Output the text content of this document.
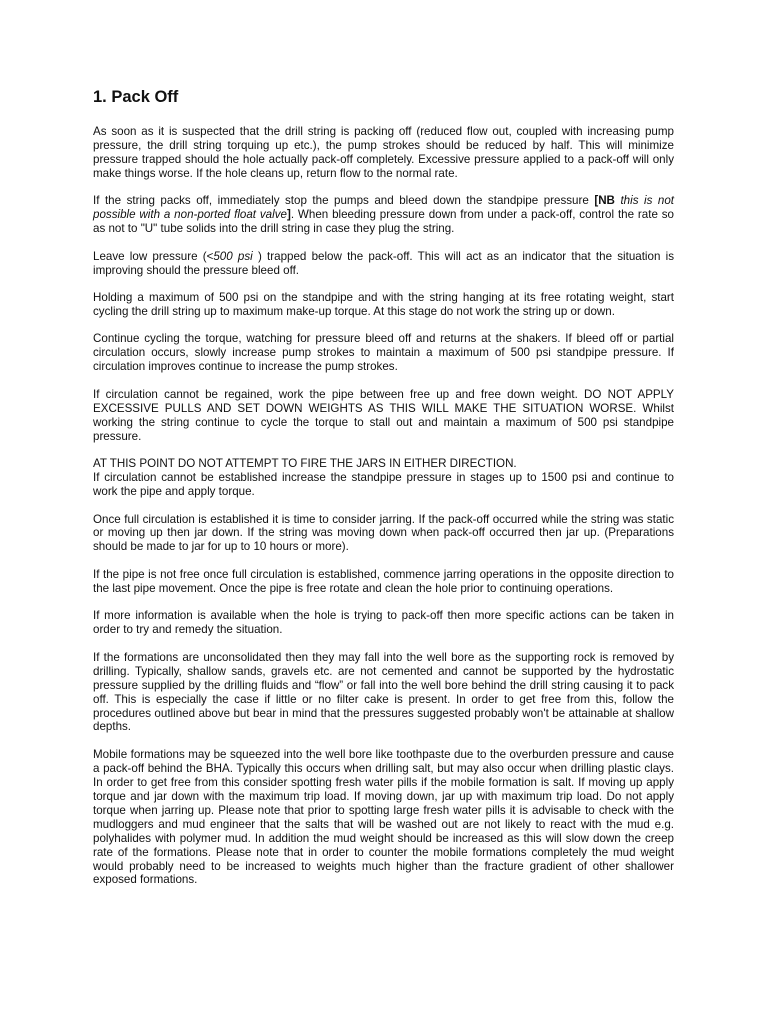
1. Pack Off

As soon as it is suspected that the drill string is packing off (reduced flow out, coupled with increasing pump pressure, the drill string torquing up etc.), the pump strokes should be reduced by half. This will minimize pressure trapped should the hole actually pack-off completely. Excessive pressure applied to a pack-off will only make things worse. If the hole cleans up, return flow to the normal rate.

If the string packs off, immediately stop the pumps and bleed down the standpipe pressure [NB this is not possible with a non-ported float valve]. When bleeding pressure down from under a pack-off, control the rate so as not to "U" tube solids into the drill string in case they plug the string.

Leave low pressure (<500 psi ) trapped below the pack-off. This will act as an indicator that the situation is improving should the pressure bleed off.

Holding a maximum of 500 psi on the standpipe and with the string hanging at its free rotating weight, start cycling the drill string up to maximum make-up torque. At this stage do not work the string up or down.

Continue cycling the torque, watching for pressure bleed off and returns at the shakers. If bleed off or partial circulation occurs, slowly increase pump strokes to maintain a maximum of 500 psi standpipe pressure. If circulation improves continue to increase the pump strokes.

If circulation cannot be regained, work the pipe between free up and free down weight. DO NOT APPLY EXCESSIVE PULLS AND SET DOWN WEIGHTS AS THIS WILL MAKE THE SITUATION WORSE. Whilst working the string continue to cycle the torque to stall out and maintain a maximum of 500 psi standpipe pressure.

AT THIS POINT DO NOT ATTEMPT TO FIRE THE JARS IN EITHER DIRECTION.

If circulation cannot be established increase the standpipe pressure in stages up to 1500 psi and continue to work the pipe and apply torque.

Once full circulation is established it is time to consider jarring. If the pack-off occurred while the string was static or moving up then jar down. If the string was moving down when pack-off occurred then jar up. (Preparations should be made to jar for up to 10 hours or more).

If the pipe is not free once full circulation is established, commence jarring operations in the opposite direction to the last pipe movement. Once the pipe is free rotate and clean the hole prior to continuing operations.

If more information is available when the hole is trying to pack-off then more specific actions can be taken in order to try and remedy the situation.

If the formations are unconsolidated then they may fall into the well bore as the supporting rock is removed by drilling. Typically, shallow sands, gravels etc. are not cemented and cannot be supported by the hydrostatic pressure supplied by the drilling fluids and “flow” or fall into the well bore behind the drill string causing it to pack off. This is especially the case if little or no filter cake is present. In order to get free from this, follow the procedures outlined above but bear in mind that the pressures suggested probably won't be attainable at shallow depths.

Mobile formations may be squeezed into the well bore like toothpaste due to the overburden pressure and cause a pack-off behind the BHA. Typically this occurs when drilling salt, but may also occur when drilling plastic clays. In order to get free from this consider spotting fresh water pills if the mobile formation is salt. If moving up apply torque and jar down with the maximum trip load. If moving down, jar up with maximum trip load. Do not apply torque when jarring up. Please note that prior to spotting large fresh water pills it is advisable to check with the mudloggers and mud engineer that the salts that will be washed out are not likely to react with the mud e.g. polyhalides with polymer mud. In addition the mud weight should be increased as this will slow down the creep rate of the formations. Please note that in order to counter the mobile formations completely the mud weight would probably need to be increased to weights much higher than the fracture gradient of other shallower exposed formations.
